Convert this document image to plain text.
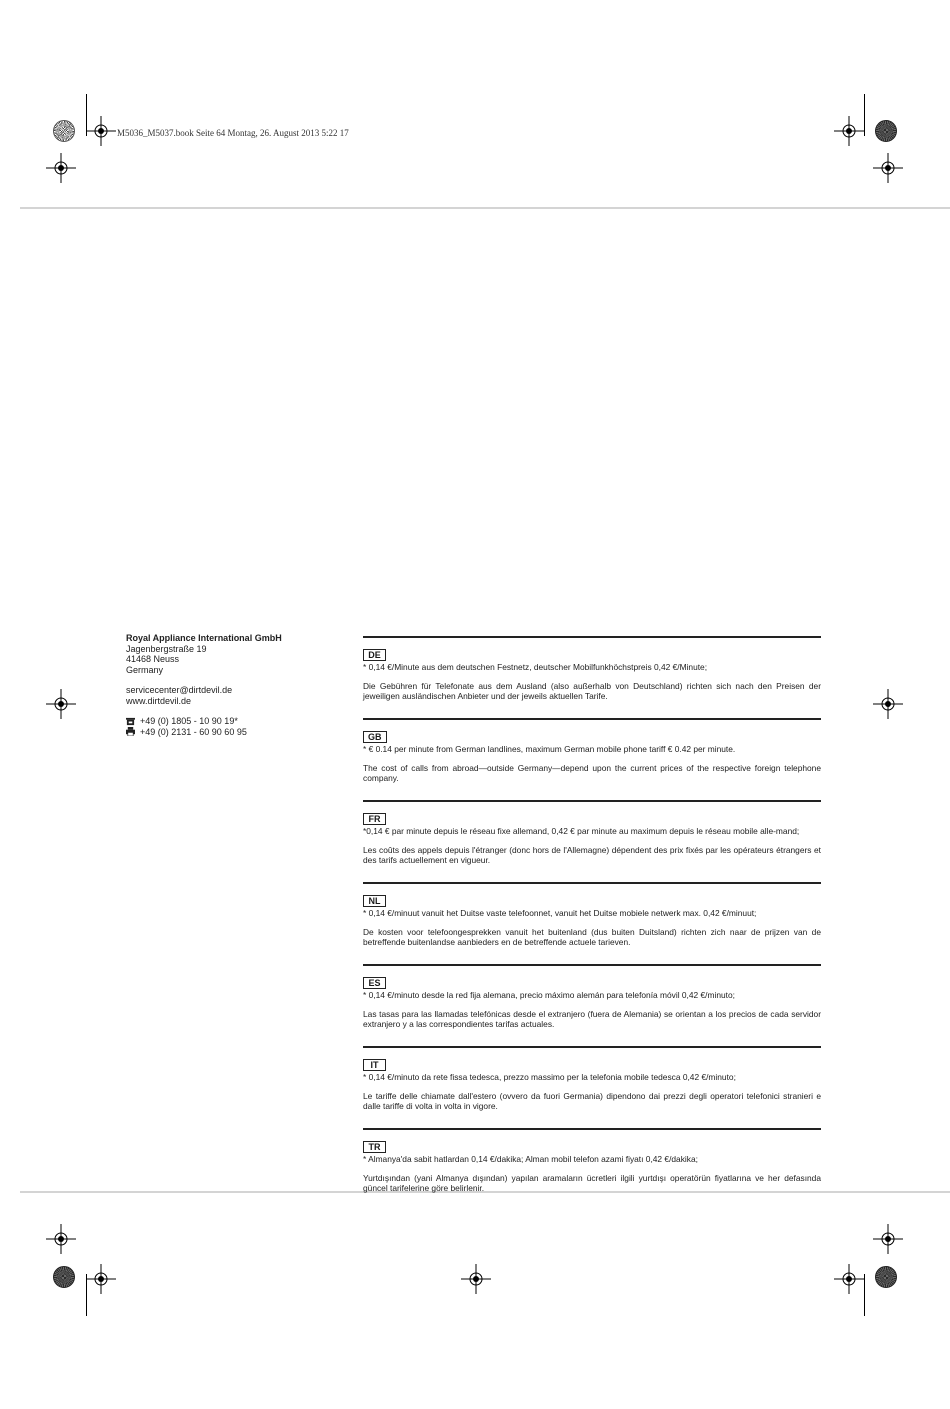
M5036_M5037.book Seite 64 Montag, 26. August 2013 5:22 17
Royal Appliance International GmbH
Jagenbergstraße 19
41468 Neuss
Germany
servicecenter@dirtdevil.de
www.dirtdevil.de
+49 (0) 1805 - 10 90 19*
+49 (0) 2131 - 60 90 60 95
DE

* 0,14 €/Minute aus dem deutschen Festnetz, deutscher Mobilfunkhöchstpreis 0,42 €/Minute;

Die Gebühren für Telefonate aus dem Ausland (also außerhalb von Deutschland) richten sich nach den Preisen der jeweiligen ausländischen Anbieter und der jeweils aktuellen Tarife.

GB

* € 0.14 per minute from German landlines, maximum German mobile phone tariff € 0.42 per minute.

The cost of calls from abroad—outside Germany—depend upon the current prices of the respective foreign telephone company.

FR

*0,14 € par minute depuis le réseau fixe allemand, 0,42 € par minute au maximum depuis le réseau mobile alle-mand;

Les coûts des appels depuis l'étranger (donc hors de l'Allemagne) dépendent des prix fixés par les opérateurs étrangers et des tarifs actuellement en vigueur.

NL

* 0,14 €/minuut vanuit het Duitse vaste telefoonnet, vanuit het Duitse mobiele netwerk max. 0,42 €/minuut;

De kosten voor telefoongesprekken vanuit het buitenland (dus buiten Duitsland) richten zich naar de prijzen van de betreffende buitenlandse aanbieders en de betreffende actuele tarieven.

ES

* 0,14 €/minuto desde la red fija alemana, precio máximo alemán para telefonía móvil 0,42 €/minuto;

Las tasas para las llamadas telefónicas desde el extranjero (fuera de Alemania) se orientan a los precios de cada servidor extranjero y a las correspondientes tarifas actuales.

IT

* 0,14 €/minuto da rete fissa tedesca, prezzo massimo per la telefonia mobile tedesca 0,42 €/minuto;

Le tariffe delle chiamate dall'estero (ovvero da fuori Germania) dipendono dai prezzi degli operatori telefonici stranieri e dalle tariffe di volta in volta in vigore.

TR

* Almanya'da sabit hatlardan 0,14 €/dakika; Alman mobil telefon azami fiyatı 0,42 €/dakika;

Yurtdışından (yani Almanya dışından) yapılan aramaların ücretleri ilgili yurtdışı operatörün fiyatlarına ve her defasında güncel tarifelerine göre belirlenir.
